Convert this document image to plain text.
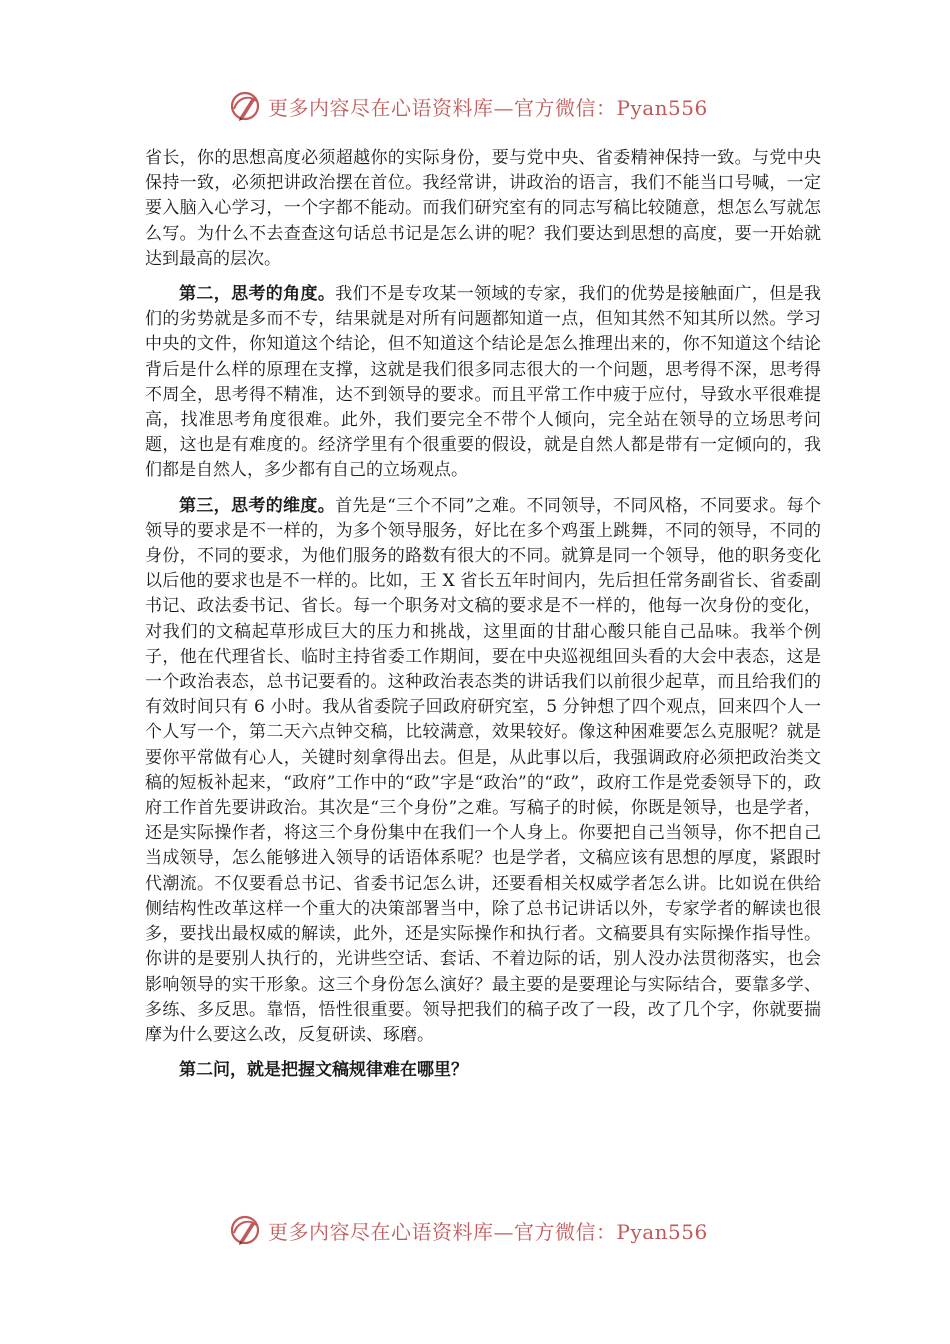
更多内容尽在心语资料库—官方微信：Pyan556

省长，你的思想高度必须超越你的实际身份，要与党中央、省委精神保持一致。与党中央保持一致，必须把讲政治摆在首位。我经常讲，讲政治的语言，我们不能当口号喊，一定要入脑入心学习，一个字都不能动。而我们研究室有的同志写稿比较随意，想怎么写就怎么写。为什么不去查查这句话总书记是怎么讲的呢？我们要达到思想的高度，要一开始就达到最高的层次。

第二，思考的角度。我们不是专攻某一领域的专家，我们的优势是接触面广，但是我们的劣势就是多而不专，结果就是对所有问题都知道一点，但知其然不知其所以然。学习中央的文件，你知道这个结论，但不知道这个结论是怎么推理出来的，你不知道这个结论背后是什么样的原理在支撑，这就是我们很多同志很大的一个问题，思考得不深，思考得不周全，思考得不精准，达不到领导的要求。而且平常工作中疲于应付，导致水平很难提高，找准思考角度很难。此外，我们要完全不带个人倾向，完全站在领导的立场思考问题，这也是有难度的。经济学里有个很重要的假设，就是自然人都是带有一定倾向的，我们都是自然人，多少都有自己的立场观点。

第三，思考的维度。首先是“三个不同”之难。不同领导，不同风格，不同要求。每个领导的要求是不一样的，为多个领导服务，好比在多个鸡蛋上跳舞，不同的领导，不同的身份，不同的要求，为他们服务的路数有很大的不同。就算是同一个领导，他的职务变化以后他的要求也是不一样的。比如，王 X 省长五年时间内，先后担任常务副省长、省委副书记、政法委书记、省长。每一个职务对文稿的要求是不一样的，他每一次身份的变化，对我们的文稿起草形成巨大的压力和挑战，这里面的甘甜心酸只能自己品味。我举个例子，他在代理省长、临时主持省委工作期间，要在中央巡视组回头看的大会中表态，这是一个政治表态，总书记要看的。这种政治表态类的讲话我们以前很少起草，而且给我们的有效时间只有 6 小时。我从省委院子回政府研究室，5 分钟想了四个观点，回来四个人一个人写一个，第二天六点钟交稿，比较满意，效果较好。像这种困难要怎么克服呢？就是要你平常做有心人，关键时刻拿得出去。但是，从此事以后，我强调政府必须把政治类文稿的短板补起来，“政府”工作中的“政”字是“政治”的“政”，政府工作是党委领导下的，政府工作首先要讲政治。其次是“三个身份”之难。写稿子的时候，你既是领导，也是学者，还是实际操作者，将这三个身份集中在我们一个人身上。你要把自己当领导，你不把自己当成领导，怎么能够进入领导的话语体系呢？也是学者，文稿应该有思想的厚度，紧跟时代潮流。不仅要看总书记、省委书记怎么讲，还要看相关权威学者怎么讲。比如说在供给侧结构性改革这样一个重大的决策部署当中，除了总书记讲话以外，专家学者的解读也很多，要找出最权威的解读，此外，还是实际操作和执行者。文稿要具有实际操作指导性。你讲的是要别人执行的，光讲些空话、套话、不着边际的话，别人没办法贯彻落实，也会影响领导的实干形象。这三个身份怎么演好？最主要的是要理论与实际结合，要靠多学、多练、多反思。靠悟，悟性很重要。领导把我们的稿子改了一段，改了几个字，你就要揣摩为什么要这么改，反复研读、琢磨。

第二问，就是把握文稿规律难在哪里？

更多内容尽在心语资料库—官方微信：Pyan556
